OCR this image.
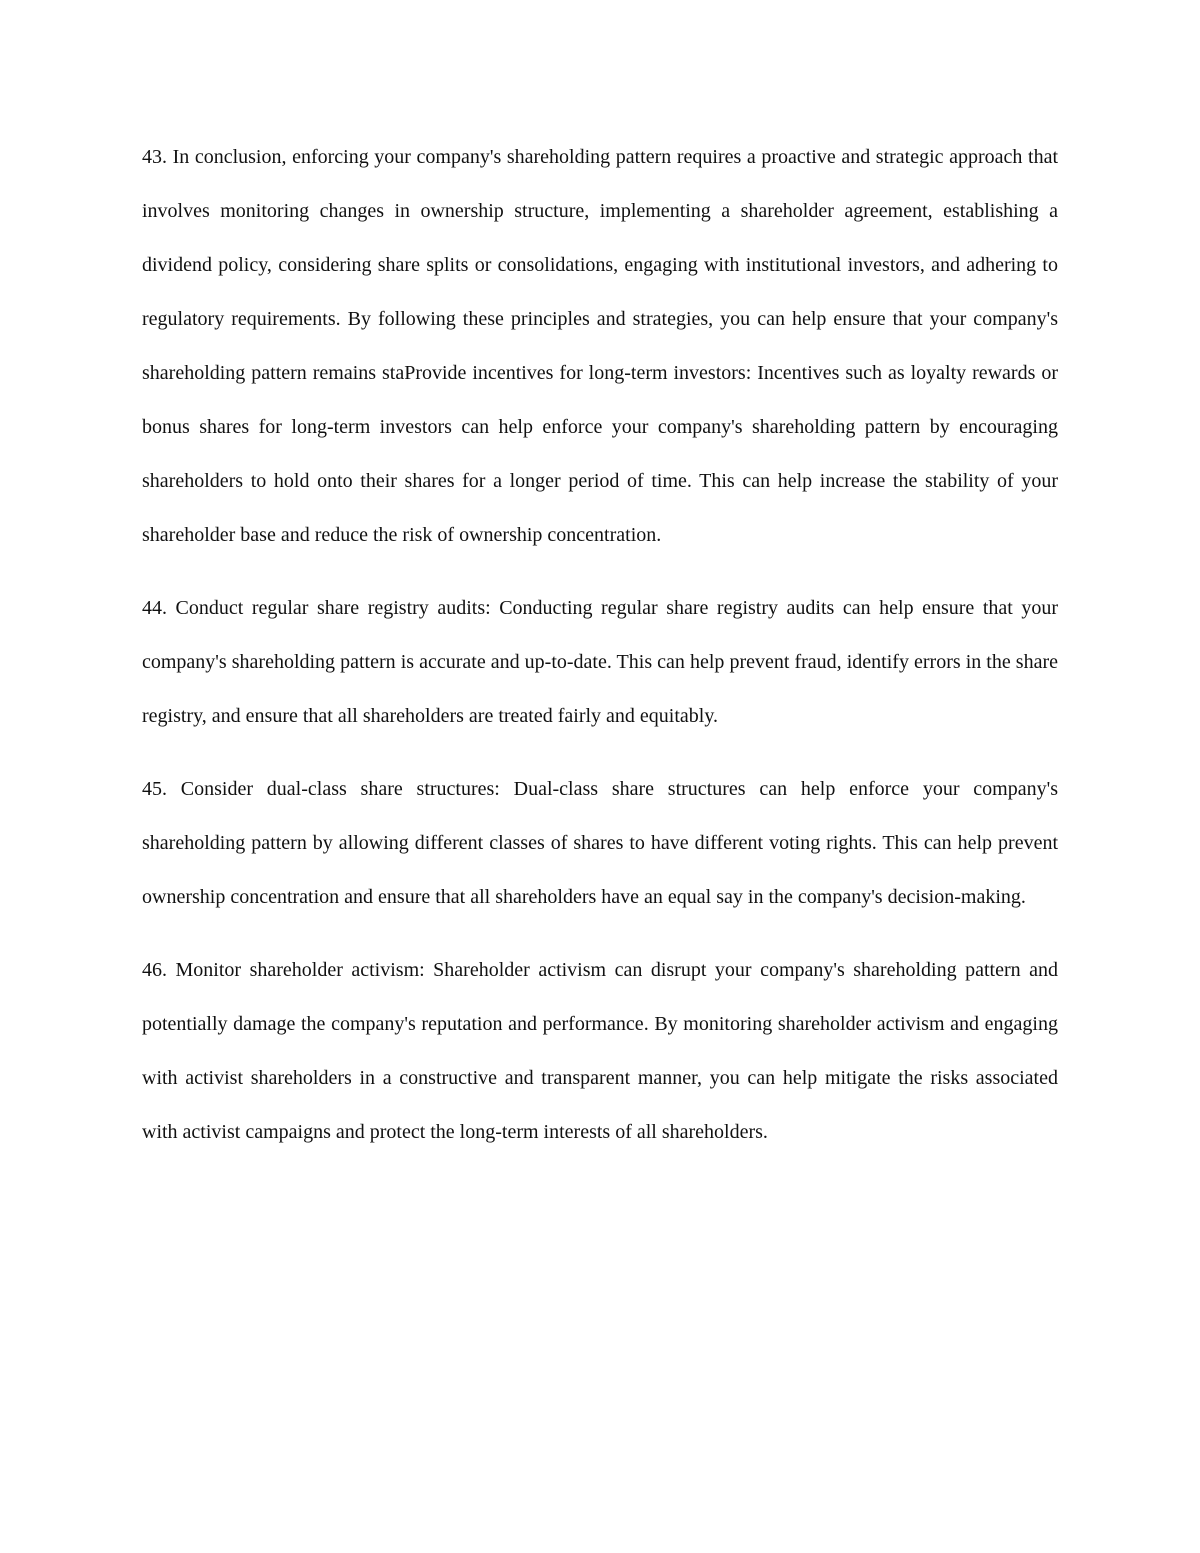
43. In conclusion, enforcing your company's shareholding pattern requires a proactive and strategic approach that involves monitoring changes in ownership structure, implementing a shareholder agreement, establishing a dividend policy, considering share splits or consolidations, engaging with institutional investors, and adhering to regulatory requirements. By following these principles and strategies, you can help ensure that your company's shareholding pattern remains staProvide incentives for long-term investors: Incentives such as loyalty rewards or bonus shares for long-term investors can help enforce your company's shareholding pattern by encouraging shareholders to hold onto their shares for a longer period of time. This can help increase the stability of your shareholder base and reduce the risk of ownership concentration.

44. Conduct regular share registry audits: Conducting regular share registry audits can help ensure that your company's shareholding pattern is accurate and up-to-date. This can help prevent fraud, identify errors in the share registry, and ensure that all shareholders are treated fairly and equitably.

45. Consider dual-class share structures: Dual-class share structures can help enforce your company's shareholding pattern by allowing different classes of shares to have different voting rights. This can help prevent ownership concentration and ensure that all shareholders have an equal say in the company's decision-making.

46. Monitor shareholder activism: Shareholder activism can disrupt your company's shareholding pattern and potentially damage the company's reputation and performance. By monitoring shareholder activism and engaging with activist shareholders in a constructive and transparent manner, you can help mitigate the risks associated with activist campaigns and protect the long-term interests of all shareholders.
